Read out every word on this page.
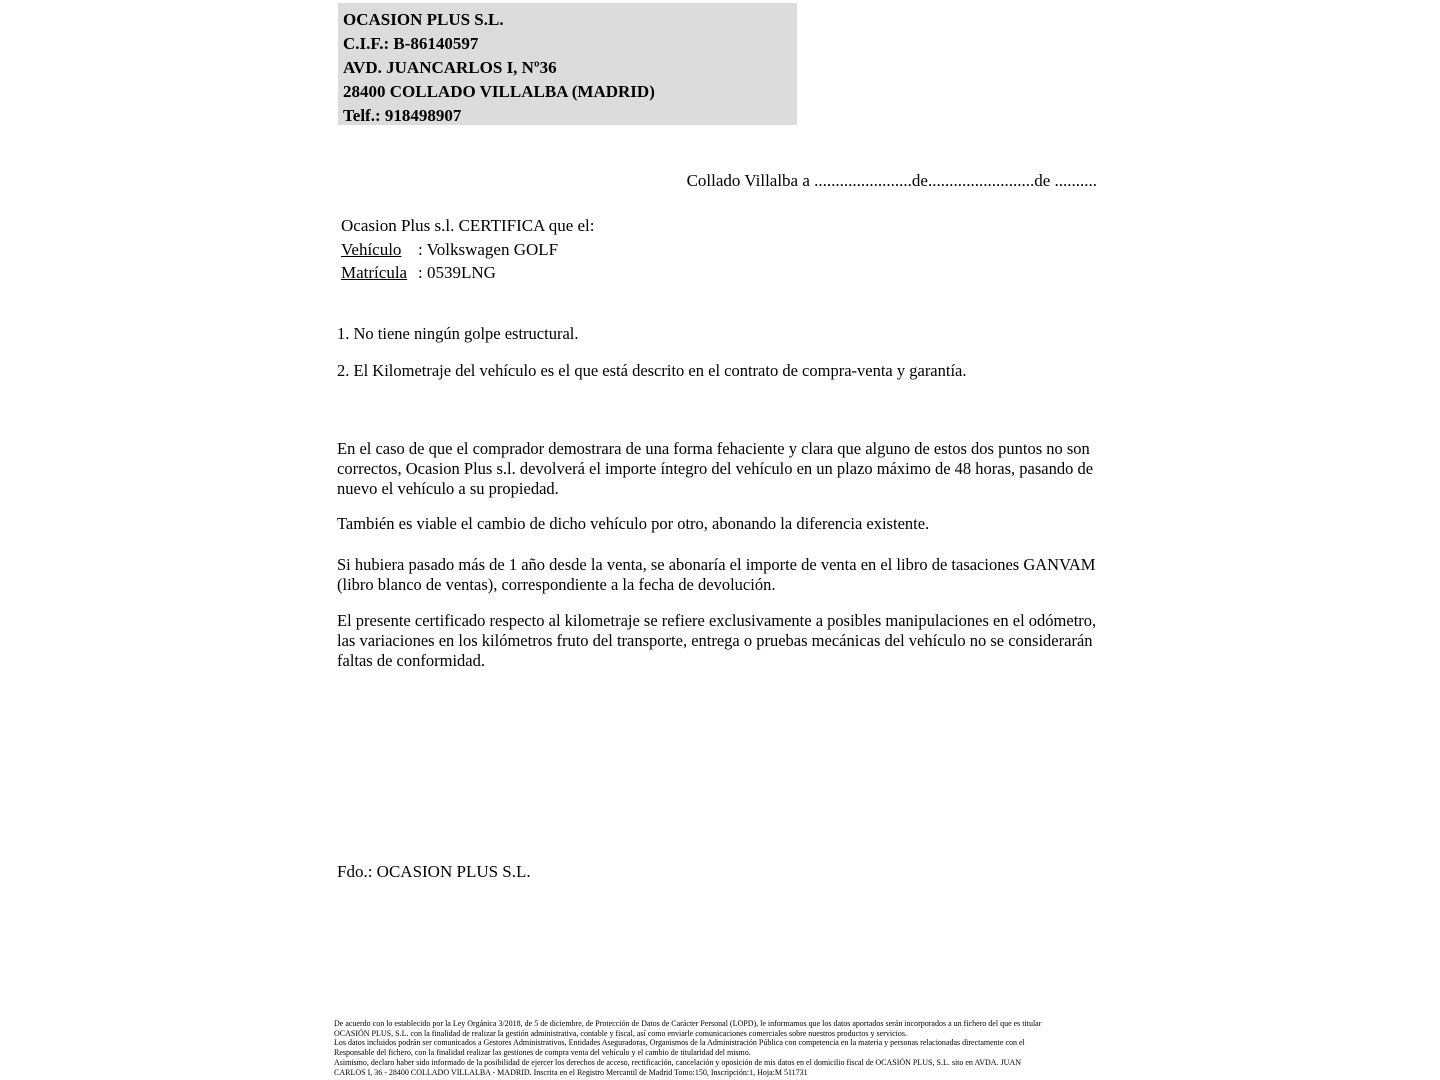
OCASION PLUS S.L.
C.I.F.: B-86140597
AVD. JUANCARLOS I, Nº36
28400 COLLADO VILLALBA (MADRID)
Telf.: 918498907
Collado Villalba a .......................de.........................de ..........
Ocasion Plus s.l. CERTIFICA que el:
Vehículo : Volkswagen GOLF
Matrícula : 0539LNG
1. No tiene ningún golpe estructural.
2. El Kilometraje del vehículo es el que está descrito en el contrato de compra-venta y garantía.
En el caso de que el comprador demostrara de una forma fehaciente y clara que alguno de estos dos puntos no son correctos, Ocasion Plus s.l. devolverá el importe íntegro del vehículo en un plazo máximo de 48 horas, pasando de nuevo el vehículo a su propiedad.
También es viable el cambio de dicho vehículo por otro, abonando la diferencia existente.
Si hubiera pasado más de 1 año desde la venta, se abonaría el importe de venta en el libro de tasaciones GANVAM (libro blanco de ventas), correspondiente a la fecha de devolución.
El presente certificado respecto al kilometraje se refiere exclusivamente a posibles manipulaciones en el odómetro, las variaciones en los kilómetros fruto del transporte, entrega o pruebas mecánicas del vehículo no se considerarán faltas de conformidad.
Fdo.: OCASION PLUS S.L.
De acuerdo con lo establecido por la Ley Orgánica 3/2018, de 5 de diciembre, de Protección de Datos de Carácter Personal (LOPD), le informamos que los datos aportados serán incorporados a un fichero del que es titular
OCASIÓN PLUS, S.L. con la finalidad de realizar la gestión administrativa, contable y fiscal, así como enviarle comunicaciones comerciales sobre nuestros productos y servicios.
Los datos incluidos podrán ser comunicados a Gestores Administrativos, Entidades Aseguradoras, Organismos de la Administración Pública con competencia en la materia y personas relacionadas directamente con el
Responsable del fichero, con la finalidad realizar las gestiones de compra venta del vehículo y el cambio de titularidad del mismo.
Asimismo, declaro haber sido informado de la posibilidad de ejercer los derechos de acceso, rectificación, cancelación y oposición de mis datos en el domicilio fiscal de OCASIÓN PLUS, S.L. sito en AVDA. JUAN
CARLOS I, 36 - 28400 COLLADO VILLALBA - MADRID. Inscrita en el Registro Mercantil de Madrid Tomo:150, Inscripción:1, Hoja:M 511731
